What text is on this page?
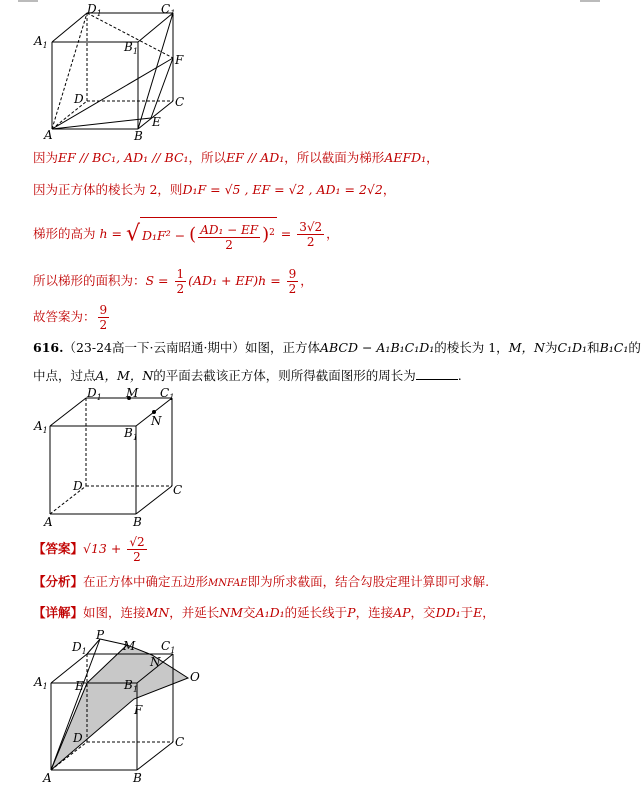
$A_1$
$D_1$	$C_1$
$B_1$
F
D	C
E
A	B
因为EF // BC₁, AD₁ // BC₁，所以EF // AD₁，所以截面为梯形AEFD₁，
因为正方体的棱长为 2，则D₁F = √5 , EF = √2 , AD₁ = 2√2，
梯形的高为 h = √ D₁F² − ( $\frac{\text{AD₁ − EF}}{2} )^2 = \frac{3√2}{2}$ ，
所以梯形的面积为：$S = \frac{1}{2} (AD_1 + EF)h = \frac{9}{2}$ ，
故答案为： $\frac{9}{2}$
616.（23-24高一下·云南昭通·期中）如图，正方体ABCD − A₁B₁C₁D₁的棱长为 1，M，N为C₁D₁和B₁C₁的
中点，过点A，M，N的平面去截该正方体，则所得截面图形的周长为	.
$A_1$
$D_1$ M $C_1$
N
$B_1$
D	C
A	B
【答案】$√13 + \frac{√2}{2}$
【分析】在正方体中确定五边形MNFAE即为所求截面，结合勾股定理计算即可求解.
【详解】如图，连接MN，并延长NM交A₁D₁的延长线于P，连接AP，交DD₁于E，
P
$D_1$	M $C_1$
N
$A_1$ E	$B_1$
O
F
D	C
A	B
